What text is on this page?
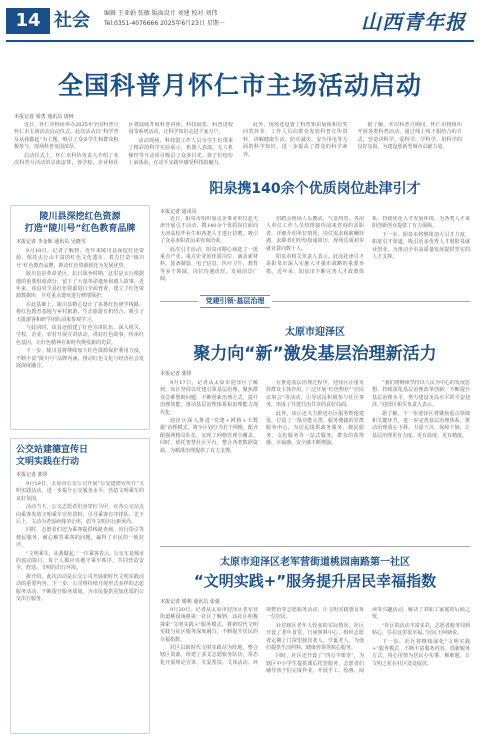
14 社会 编辑 王亚娟 张敏 版面设计 刘建 校对 刘伟
Tel:0351-4076666 2025年6月23日 星期一	山西青年报
全国科普月怀仁市主场活动启动
本报记者 梁勇 通讯员 唐柯

近日，怀仁市科协举办2025年全国科普月怀仁市主场活动启动仪式。此次活动以“科学普及从我做起”为主题，吸引了众多学生和群众积极参与，现场科普氛围浓厚。

启动仪式上，怀仁市科协负责人介绍了本次科普月活动的总体安排，各学校、企业和社区将陆续开展科普讲座、科技展览、科普进校园等系列活动，让科学知识走进千家万户。

活动现场，科技馆工作人员为学生们带来了精彩的科学实验展示，机器人表演、无人机操控等互动项目吸引了众多目光。孩子们纷纷上前体验，在动手实践中感受科技的魅力。

此外，现场还设置了科普知识展板和有奖问答环节，工作人员向群众发放科普宣传资料，讲解健康生活、防灾减灾、安全用电等方面的科学知识，进一步提高了群众的科学素养。

据了解，本次科普月期间，怀仁市将组织开展各类科普活动，通过线上线下相结合的方式，营造讲科学、爱科学、学科学、用科学的良好氛围，为建设创新型城市贡献力量。

陵川县深挖红色资源
打造“陵川号”红色教育品牌
本报记者 李金晖 通讯员 吴晓雪

9月18日，记者了解到，近年来陵川县深挖红色资源，依托太行山丰富的红色文化遗存，着力打造“陵川号”红色教育品牌，推动红色资源转化为发展优势。

陵川县是革命老区，抗日战争时期，这里是太行根据地的重要组成部分，留下了大量革命遗址和感人故事。近年来，该县对全县红色资源进行全面普查，建立了红色资源数据库，并对重点遗址进行修缮保护。

在此基础上，陵川县精心设计了多条红色研学线路，将红色教育基地与乡村旅游、生态旅游有机结合，吸引了大批游客和研学团队前来参观学习。

与此同时，该县还组建了红色宣讲队伍，深入机关、学校、企业、农村开展宣讲活动，讲好红色故事，传承红色基因，让红色精神在新时代焕发新的光彩。

下一步，陵川县将继续加大红色资源保护利用力度，不断丰富“陵川号”品牌内涵，推动红色文化与经济社会发展深度融合。

公交站建德宣传日
文明实践在行动
本报记者 郭彤

9月19日，太原市公交公司开展“公交建德宣传日”文明实践活动，进一步提升公交服务水平，营造文明乘车的良好氛围。

活动当天，公交志愿者们身穿红马甲，在各公交站点向乘客发放文明乘车宣传资料，引导乘客有序排队、先下后上，主动为老弱病残孕让座，倡导文明出行新风尚。

同时，志愿者们还为乘客提供线路查询、出行指引等便民服务，耐心解答乘客的问题，赢得了市民的一致好评。

“文明乘车，从我做起。”一位乘客表示，公交车是城市的流动窗口，每个人都应该遵守乘车秩序，共同营造安全、舒适、文明的出行环境。

据介绍，此次活动是公交公司开展新时代文明实践活动的重要内容。下一步，公司将持续开展形式多样的志愿服务活动，不断提升服务质量，为市民提供更加优质的公交出行服务。

阳泉携140余个优质岗位赴津引才
本报记者 通讯员

近日，阳泉市组织重点企事业单位赴天津开展引才活动，携140余个优质岗位面向天津高校毕业生和各类人才进行招聘，吸引了众多求职者前来咨询洽谈。

此次引才活动，阳泉市精心筛选了一批重点产业、重点企业的优质岗位，涵盖新材料、装备制造、电子信息、医疗卫生、教育等多个领域，岗位待遇优厚，发展前景广阔。

招聘会现场人头攒动，气氛热烈。各用人单位工作人员热情接待前来咨询的求职者，详细介绍单位情况、岗位需求和薪酬待遇，求职者们纷纷投递简历，现场达成初步就业意向数十人。

阳泉市相关负责人表示，此次赴津引才是阳泉市深入实施人才强市战略的重要举措。近年来，阳泉市不断完善人才政策体系，持续优化人才发展环境，为各类人才来阳创新创业提供了有力保障。

下一步，阳泉市将继续加大引才力度，拓宽引才渠道，吸引更多优秀人才到阳泉就业创业，为推动全市高质量发展提供坚实的人才支撑。

党建引领·基层治理
太原市迎泽区
聚力向“新”激发基层治理新活力
本报记者 郭彤

9月17日，记者从太原市迎泽区了解到，该区坚持以党建引领基层治理，聚焦群众急难愁盼问题，不断创新治理方式，提升治理效能，推动基层治理体系和治理能力现代化。

迎泽区深入推进“党建+网格+大数据”治理模式，将全区划分为若干网格，配齐配强网格员队伍，实现了网格管理全覆盖。同时，依托智慧社区平台，整合各类数据资源，为精准治理提供了有力支撑。

在推进基层治理过程中，迎泽区注重发挥群众主体作用，广泛开展“红色物业”“居民议事会”等活动，引导居民积极参与社区事务，形成了共建共治共享的良好局面。

此外，该区还大力推进社区服务阵地建设，打造了一批功能完善、服务便捷的党群服务中心，为居民提供政务服务、便民服务、文化服务等一站式服务，群众的获得感、幸福感、安全感不断增强。

“我们将继续坚持以人民为中心的发展思想，持续深化基层治理改革创新，不断提升基层治理水平，努力建设更高水平的平安迎泽。”迎泽区相关负责人表示。

据了解，下一步迎泽区将聚焦重点领域和关键环节，进一步完善基层治理体系，推动治理重心下移、力量下沉、保障下倾，让基层治理更有力度、更有温度、更有精度。

太原市迎泽区老军营街道桃园南路第一社区
“文明实践+”服务提升居民幸福指数
本报记者 梁利 通讯员 张强

9月20日，记者从太原市迎泽区老军营街道桃园南路第一社区了解到，该社区积极探索“文明实践+”服务模式，将新时代文明实践与社区服务深度融合，不断提升居民的幸福指数。

社区以新时代文明实践站为阵地，整合辖区资源，组建了多支志愿服务队伍，常态化开展理论宣讲、关爱帮扶、文体活动、环境整治等志愿服务活动，让文明实践惠及每一位居民。

针对辖区老年人较多的实际情况，社区开设了老年食堂、日间照料中心，组织志愿者定期上门探望独居老人、空巢老人，为他们提供生活照料、健康咨询等贴心服务。

同时，社区还开设了“四点半课堂”，为辖区中小学生提供课后托管服务，志愿者们辅导孩子们完成作业，开展手工、绘画、阅读等兴趣活动，解决了双职工家庭的后顾之忧。

“社区的活动丰富多彩，志愿者服务周到贴心，住在这里很幸福。”居民王阿姨说。

下一步，社区将继续深化“文明实践+”服务模式，不断丰富服务内容，创新服务方式，用心用情为居民办实事、解难题，让文明之花在社区处处绽放。
